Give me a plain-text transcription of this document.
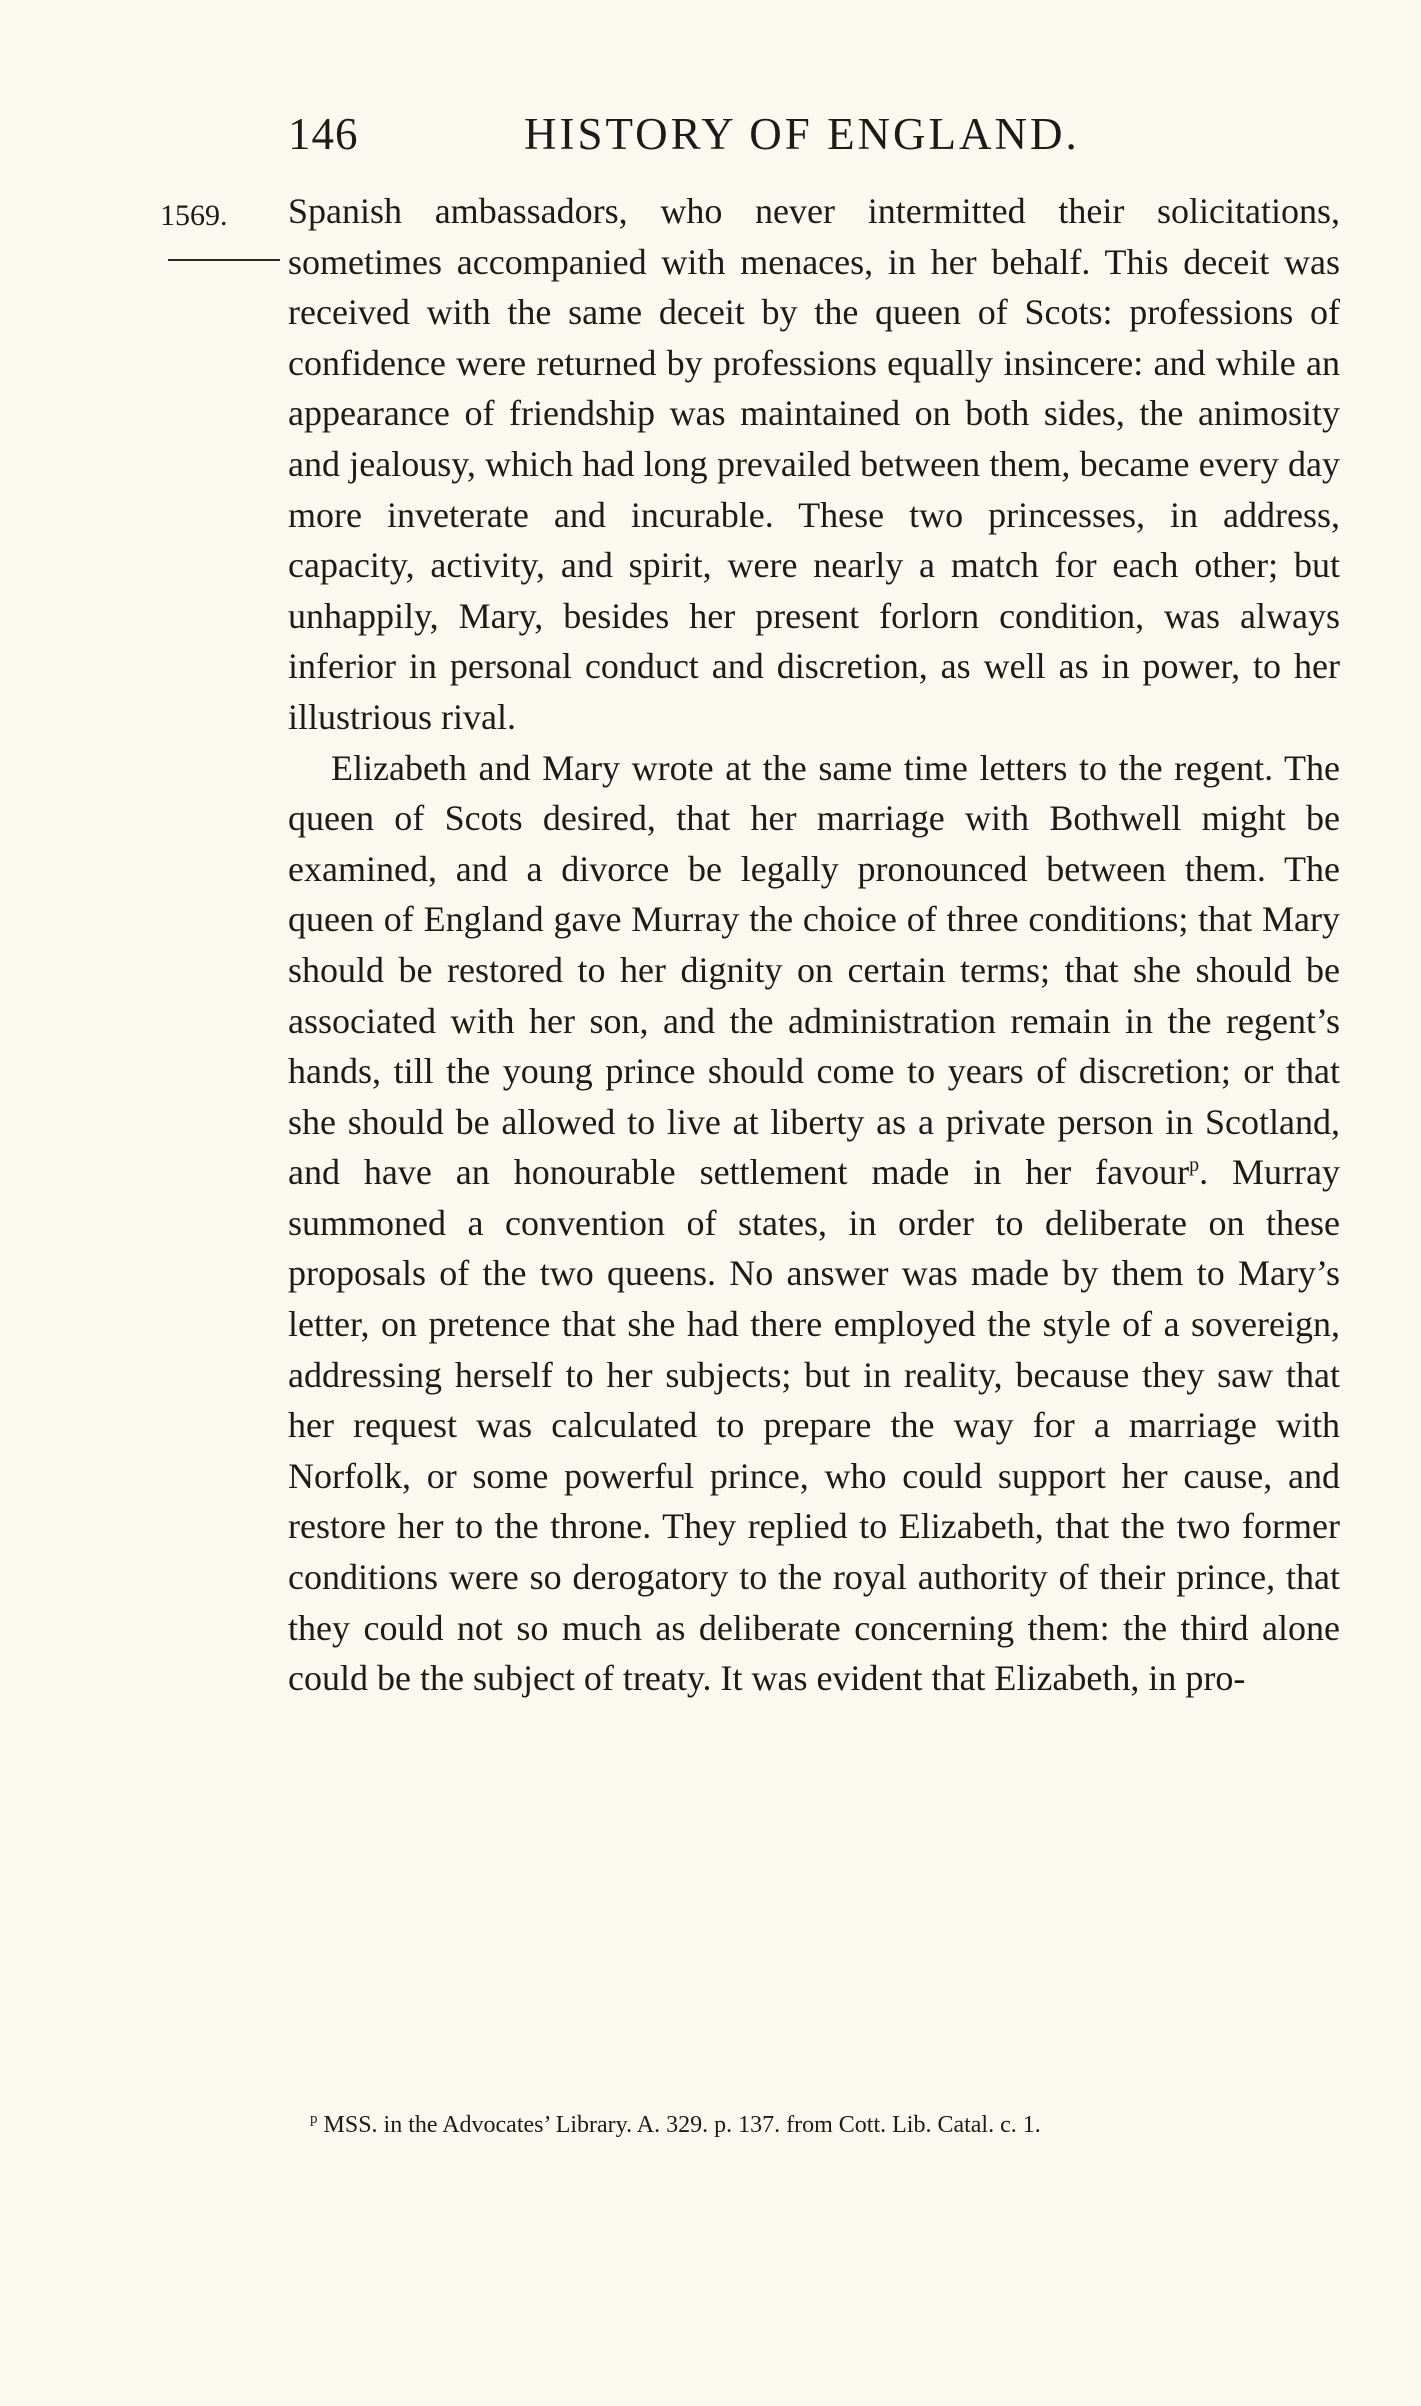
146	HISTORY OF ENGLAND.
1569. Spanish ambassadors, who never intermitted their solicitations, sometimes accompanied with menaces, in her behalf. This deceit was received with the same deceit by the queen of Scots: professions of confidence were returned by professions equally insincere: and while an appearance of friendship was maintained on both sides, the animosity and jealousy, which had long prevailed between them, became every day more inveterate and incurable. These two princesses, in address, capacity, activity, and spirit, were nearly a match for each other; but unhappily, Mary, besides her present forlorn condition, was always inferior in personal conduct and discretion, as well as in power, to her illustrious rival.

Elizabeth and Mary wrote at the same time letters to the regent. The queen of Scots desired, that her marriage with Bothwell might be examined, and a divorce be legally pronounced between them. The queen of England gave Murray the choice of three conditions; that Mary should be restored to her dignity on certain terms; that she should be associated with her son, and the administration remain in the regent’s hands, till the young prince should come to years of discretion; or that she should be allowed to live at liberty as a private person in Scotland, and have an honourable settlement made in her favour$^p$. Murray summoned a convention of states, in order to deliberate on these proposals of the two queens. No answer was made by them to Mary’s letter, on pretence that she had there employed the style of a sovereign, addressing herself to her subjects; but in reality, because they saw that her request was calculated to prepare the way for a marriage with Norfolk, or some powerful prince, who could support her cause, and restore her to the throne. They replied to Elizabeth, that the two former conditions were so derogatory to the royal authority of their prince, that they could not so much as deliberate concerning them: the third alone could be the subject of treaty. It was evident that Elizabeth, in pro-

$^p$ MSS. in the Advocates’ Library. A. 329. p. 137. from Cott. Lib. Catal. c. 1.
